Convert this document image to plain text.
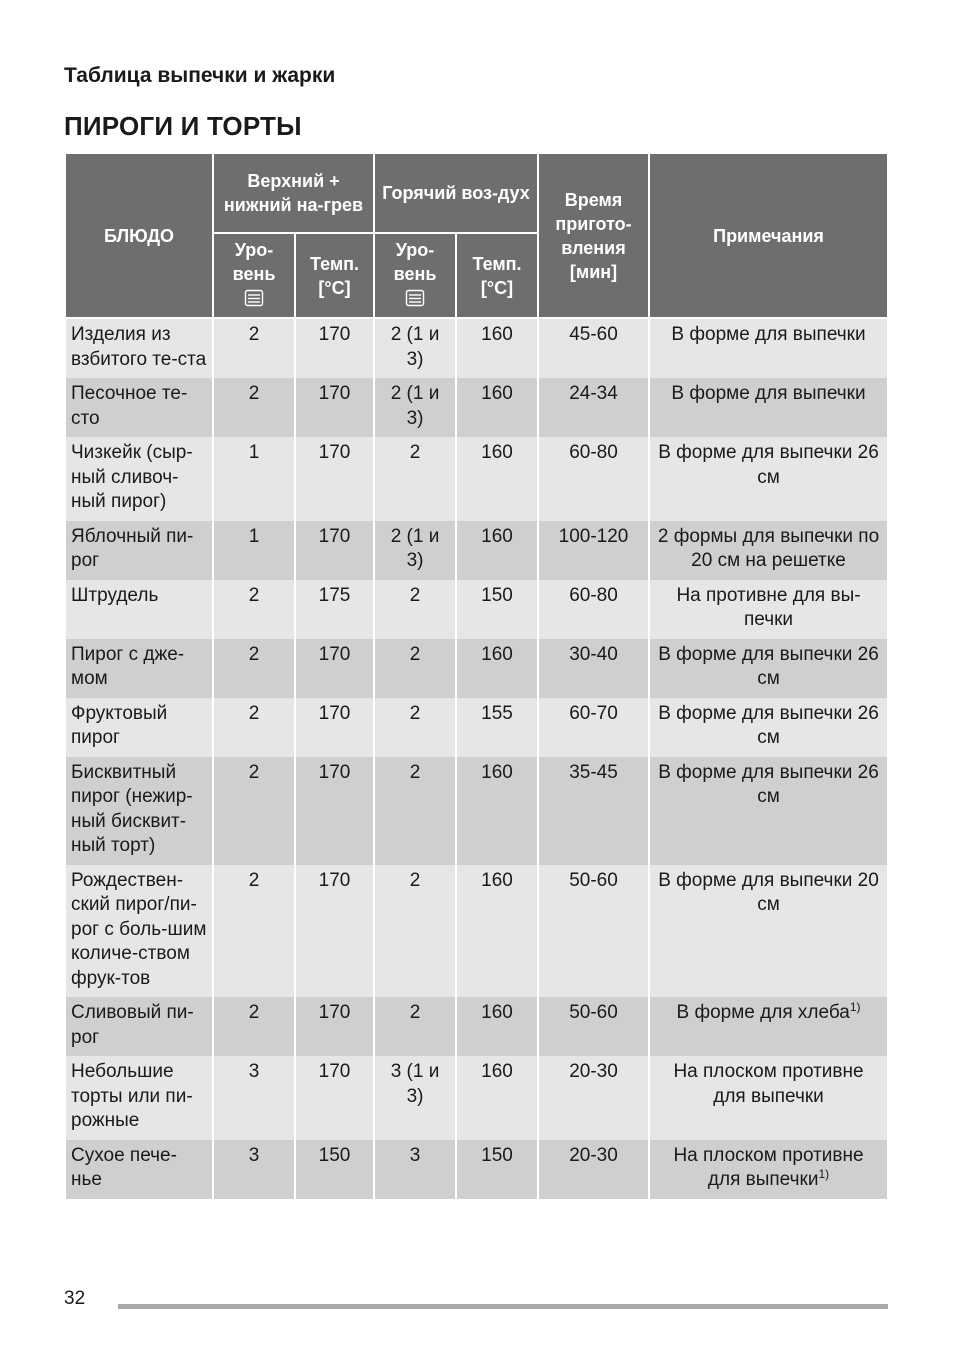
Таблица выпечки и жарки
ПИРОГИ И ТОРТЫ
БЛЮДО	Верхний + нижний на-грев		Горячий воз-дух		Время пригото-вления [мин]	Примечания
	Уро-вень	Темп. [°C]	Уро-вень	Темп. [°C]		
Изделия из взбитого те-ста	2	170	2 (1 и 3)	160	45-60	В форме для выпечки
Песочное те-сто	2	170	2 (1 и 3)	160	24-34	В форме для выпечки
Чизкейк (сыр-ный сливоч-ный пирог)	1	170	2	160	60-80	В форме для выпечки 26 см
Яблочный пи-рог	1	170	2 (1 и 3)	160	100-120	2 формы для выпечки по 20 см на решетке
Штрудель	2	175	2	150	60-80	На противне для вы-печки
Пирог с дже-мом	2	170	2	160	30-40	В форме для выпечки 26 см
Фруктовый пирог	2	170	2	155	60-70	В форме для выпечки 26 см
Бисквитный пирог (нежир-ный бисквит-ный торт)	2	170	2	160	35-45	В форме для выпечки 26 см
Рождествен-ский пирог/пи-рог с боль-шим количе-ством фрук-тов	2	170	2	160	50-60	В форме для выпечки 20 см
Сливовый пи-рог	2	170	2	160	50-60	В форме для хлеба$^{1)}$
Небольшие торты или пи-рожные	3	170	3 (1 и 3)	160	20-30	На плоском противне для выпечки
Сухое печe-нье	3	150	3	150	20-30	На плоском противне для выпечки$^{1)}$

32
